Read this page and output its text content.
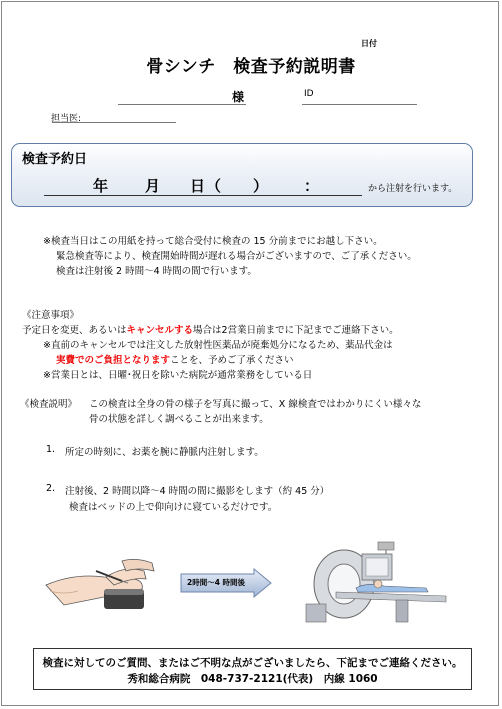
日付
骨シンチ　検査予約説明書
様	ID
担当医:
検査予約日
年 月 日 （ ） ：	から注射を行います。
※検査当日はこの用紙を持って総合受付に検査の 15 分前までにお越し下さい。
緊急検査等により、検査開始時間が遅れる場合がございますので、ご了承ください。
検査は注射後 2 時間～4 時間の間で行います。
《注意事項》
予定日を変更、あるいはキャンセルする場合は2営業日前までに下記までご連絡下さい。
※直前のキャンセルでは注文した放射性医薬品が廃棄処分になるため、薬品代金は
実費でのご負担となりますことを、予めご了承ください
※営業日とは、日曜･祝日を除いた病院が通常業務をしている日
《検査説明》 この検査は全身の骨の様子を写真に撮って、X 線検査ではわかりにくい様々な
骨の状態を詳しく調べることが出来ます。
1. 所定の時刻に、お薬を腕に静脈内注射します。
2. 注射後、2 時間以降～4 時間の間に撮影をします（約 45 分）
検査はベッドの上で仰向けに寝ているだけです。
2時間～4 時間後
検査に対してのご質問、またはご不明な点がございましたら、下記までご連絡ください。
秀和総合病院　048-737-2121(代表)　内線 1060
